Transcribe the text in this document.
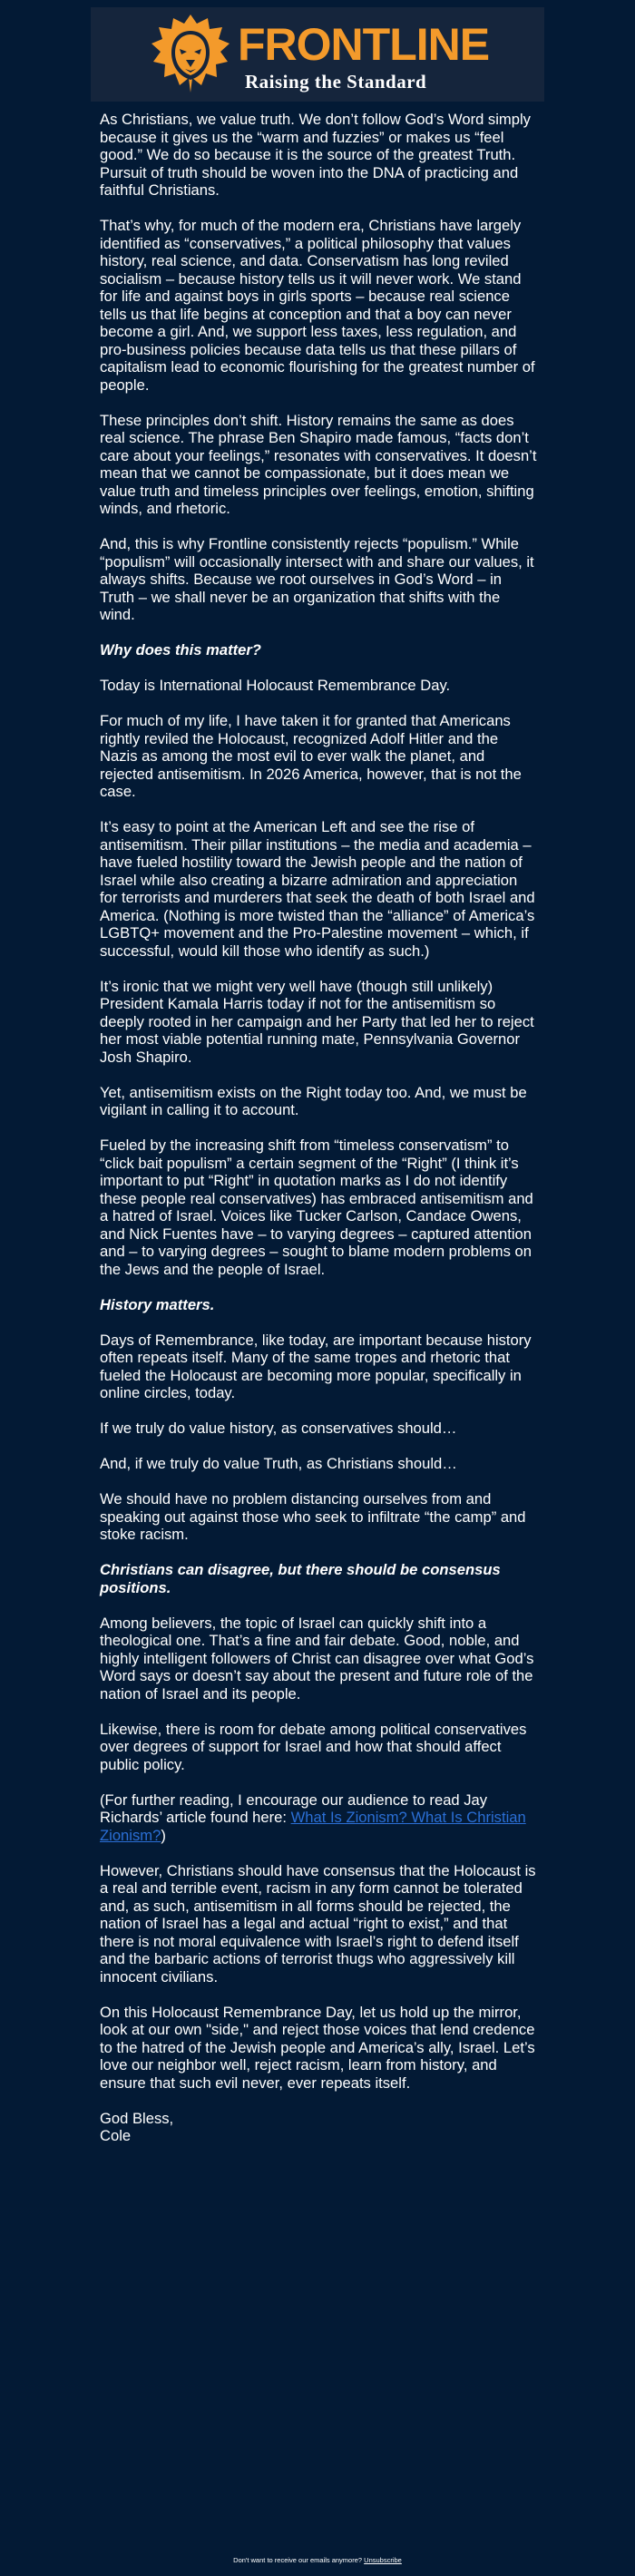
FRONTLINE
Raising the Standard

As Christians, we value truth. We don’t follow God’s Word simply because it gives us the “warm and fuzzies” or makes us “feel good.” We do so because it is the source of the greatest Truth. Pursuit of truth should be woven into the DNA of practicing and faithful Christians.

That’s why, for much of the modern era, Christians have largely identified as “conservatives,” a political philosophy that values history, real science, and data. Conservatism has long reviled socialism – because history tells us it will never work. We stand for life and against boys in girls sports – because real science tells us that life begins at conception and that a boy can never become a girl. And, we support less taxes, less regulation, and pro-business policies because data tells us that these pillars of capitalism lead to economic flourishing for the greatest number of people.

These principles don’t shift. History remains the same as does real science. The phrase Ben Shapiro made famous, “facts don’t care about your feelings,” resonates with conservatives. It doesn’t mean that we cannot be compassionate, but it does mean we value truth and timeless principles over feelings, emotion, shifting winds, and rhetoric.

And, this is why Frontline consistently rejects “populism.” While “populism” will occasionally intersect with and share our values, it always shifts. Because we root ourselves in God’s Word – in Truth – we shall never be an organization that shifts with the wind.

Why does this matter?

Today is International Holocaust Remembrance Day.

For much of my life, I have taken it for granted that Americans rightly reviled the Holocaust, recognized Adolf Hitler and the Nazis as among the most evil to ever walk the planet, and rejected antisemitism. In 2026 America, however, that is not the case.

It’s easy to point at the American Left and see the rise of antisemitism. Their pillar institutions – the media and academia – have fueled hostility toward the Jewish people and the nation of Israel while also creating a bizarre admiration and appreciation for terrorists and murderers that seek the death of both Israel and America. (Nothing is more twisted than the “alliance” of America’s LGBTQ+ movement and the Pro-Palestine movement – which, if successful, would kill those who identify as such.)

It’s ironic that we might very well have (though still unlikely) President Kamala Harris today if not for the antisemitism so deeply rooted in her campaign and her Party that led her to reject her most viable potential running mate, Pennsylvania Governor Josh Shapiro.

Yet, antisemitism exists on the Right today too. And, we must be vigilant in calling it to account.

Fueled by the increasing shift from “timeless conservatism” to “click bait populism” a certain segment of the “Right” (I think it’s important to put “Right” in quotation marks as I do not identify these people real conservatives) has embraced antisemitism and a hatred of Israel. Voices like Tucker Carlson, Candace Owens, and Nick Fuentes have – to varying degrees – captured attention and – to varying degrees – sought to blame modern problems on the Jews and the people of Israel.

History matters.

Days of Remembrance, like today, are important because history often repeats itself. Many of the same tropes and rhetoric that fueled the Holocaust are becoming more popular, specifically in online circles, today.

If we truly do value history, as conservatives should…

And, if we truly do value Truth, as Christians should…

We should have no problem distancing ourselves from and speaking out against those who seek to infiltrate “the camp” and stoke racism.

Christians can disagree, but there should be consensus positions.

Among believers, the topic of Israel can quickly shift into a theological one. That’s a fine and fair debate. Good, noble, and highly intelligent followers of Christ can disagree over what God’s Word says or doesn’t say about the present and future role of the nation of Israel and its people.

Likewise, there is room for debate among political conservatives over degrees of support for Israel and how that should affect public policy.

(For further reading, I encourage our audience to read Jay Richards’ article found here: What Is Zionism? What Is Christian Zionism?)

However, Christians should have consensus that the Holocaust is a real and terrible event, racism in any form cannot be tolerated and, as such, antisemitism in all forms should be rejected, the nation of Israel has a legal and actual “right to exist,” and that there is not moral equivalence with Israel’s right to defend itself and the barbaric actions of terrorist thugs who aggressively kill innocent civilians.

On this Holocaust Remembrance Day, let us hold up the mirror, look at our own "side," and reject those voices that lend credence to the hatred of the Jewish people and America’s ally, Israel. Let’s love our neighbor well, reject racism, learn from history, and ensure that such evil never, ever repeats itself.

God Bless,
Cole
Don't want to receive our emails anymore? Unsubscribe
